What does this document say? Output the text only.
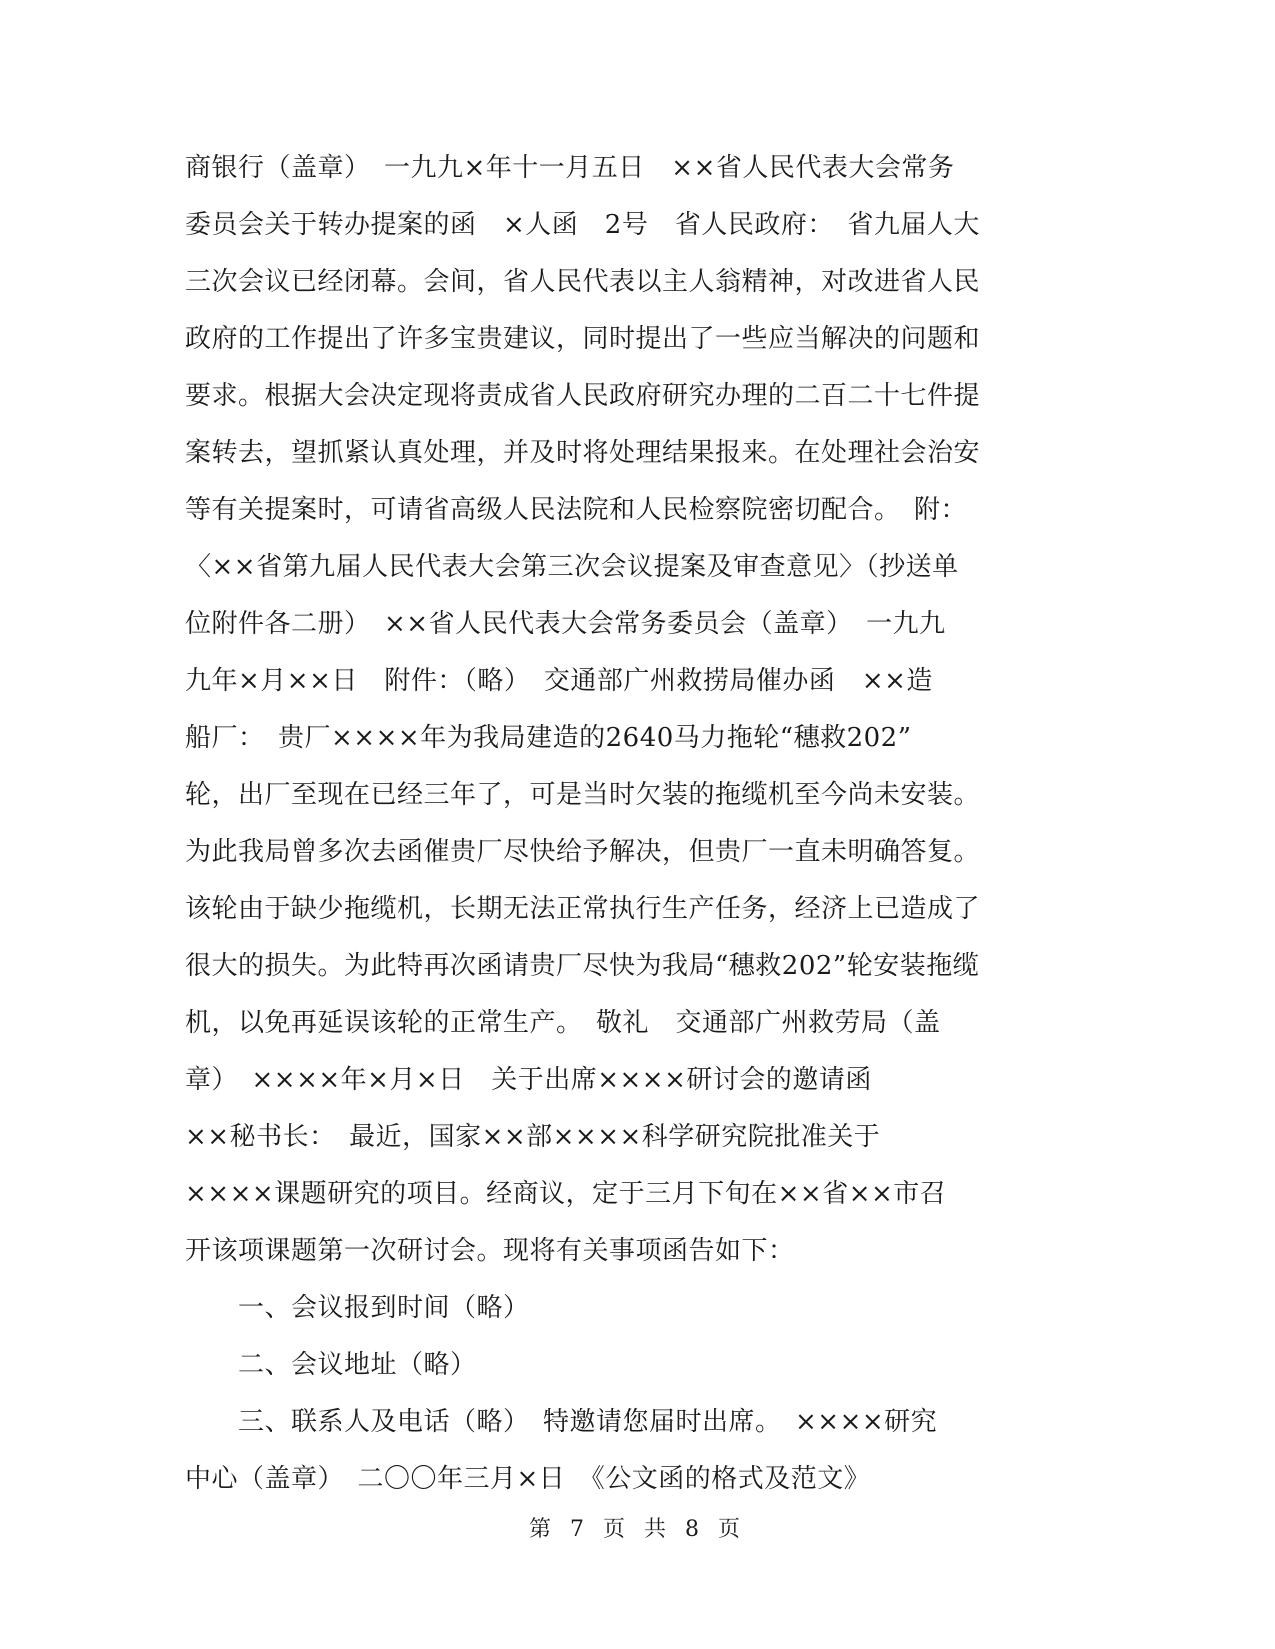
商银行（盖章）　一九九×年十一月五日　××省人民代表大会常务
委员会关于转办提案的函　×人函　2号　省人民政府：　省九届人大
三次会议已经闭幕。会间，省人民代表以主人翁精神，对改进省人民
政府的工作提出了许多宝贵建议，同时提出了一些应当解决的问题和
要求。根据大会决定现将责成省人民政府研究办理的二百二十七件提
案转去，望抓紧认真处理，并及时将处理结果报来。在处理社会治安
等有关提案时，可请省高级人民法院和人民检察院密切配合。　附：
〈××省第九届人民代表大会第三次会议提案及审查意见〉（抄送单
位附件各二册）　××省人民代表大会常务委员会（盖章）　一九九
九年×月××日　附件：（略）　交通部广州救捞局催办函　××造
船厂：　贵厂××××年为我局建造的2640马力拖轮“穗救202”
轮，出厂至现在已经三年了，可是当时欠装的拖缆机至今尚未安装。
为此我局曾多次去函催贵厂尽快给予解决，但贵厂一直未明确答复。
该轮由于缺少拖缆机，长期无法正常执行生产任务，经济上已造成了
很大的损失。为此特再次函请贵厂尽快为我局“穗救202”轮安装拖缆
机，以免再延误该轮的正常生产。　敬礼　交通部广州救劳局（盖
章）　××××年×月×日　关于出席××××研讨会的邀请函
××秘书长：　最近，国家××部××××科学研究院批准关于
××××课题研究的项目。经商议，定于三月下旬在××省××市召
开该项课题第一次研讨会。现将有关事项函告如下：
　　一、会议报到时间（略）
　　二、会议地址（略）
　　三、联系人及电话（略）　特邀请您届时出席。　××××研究
中心（盖章）　二〇〇年三月×日　《公文函的格式及范文》
第 7 页 共 8 页
